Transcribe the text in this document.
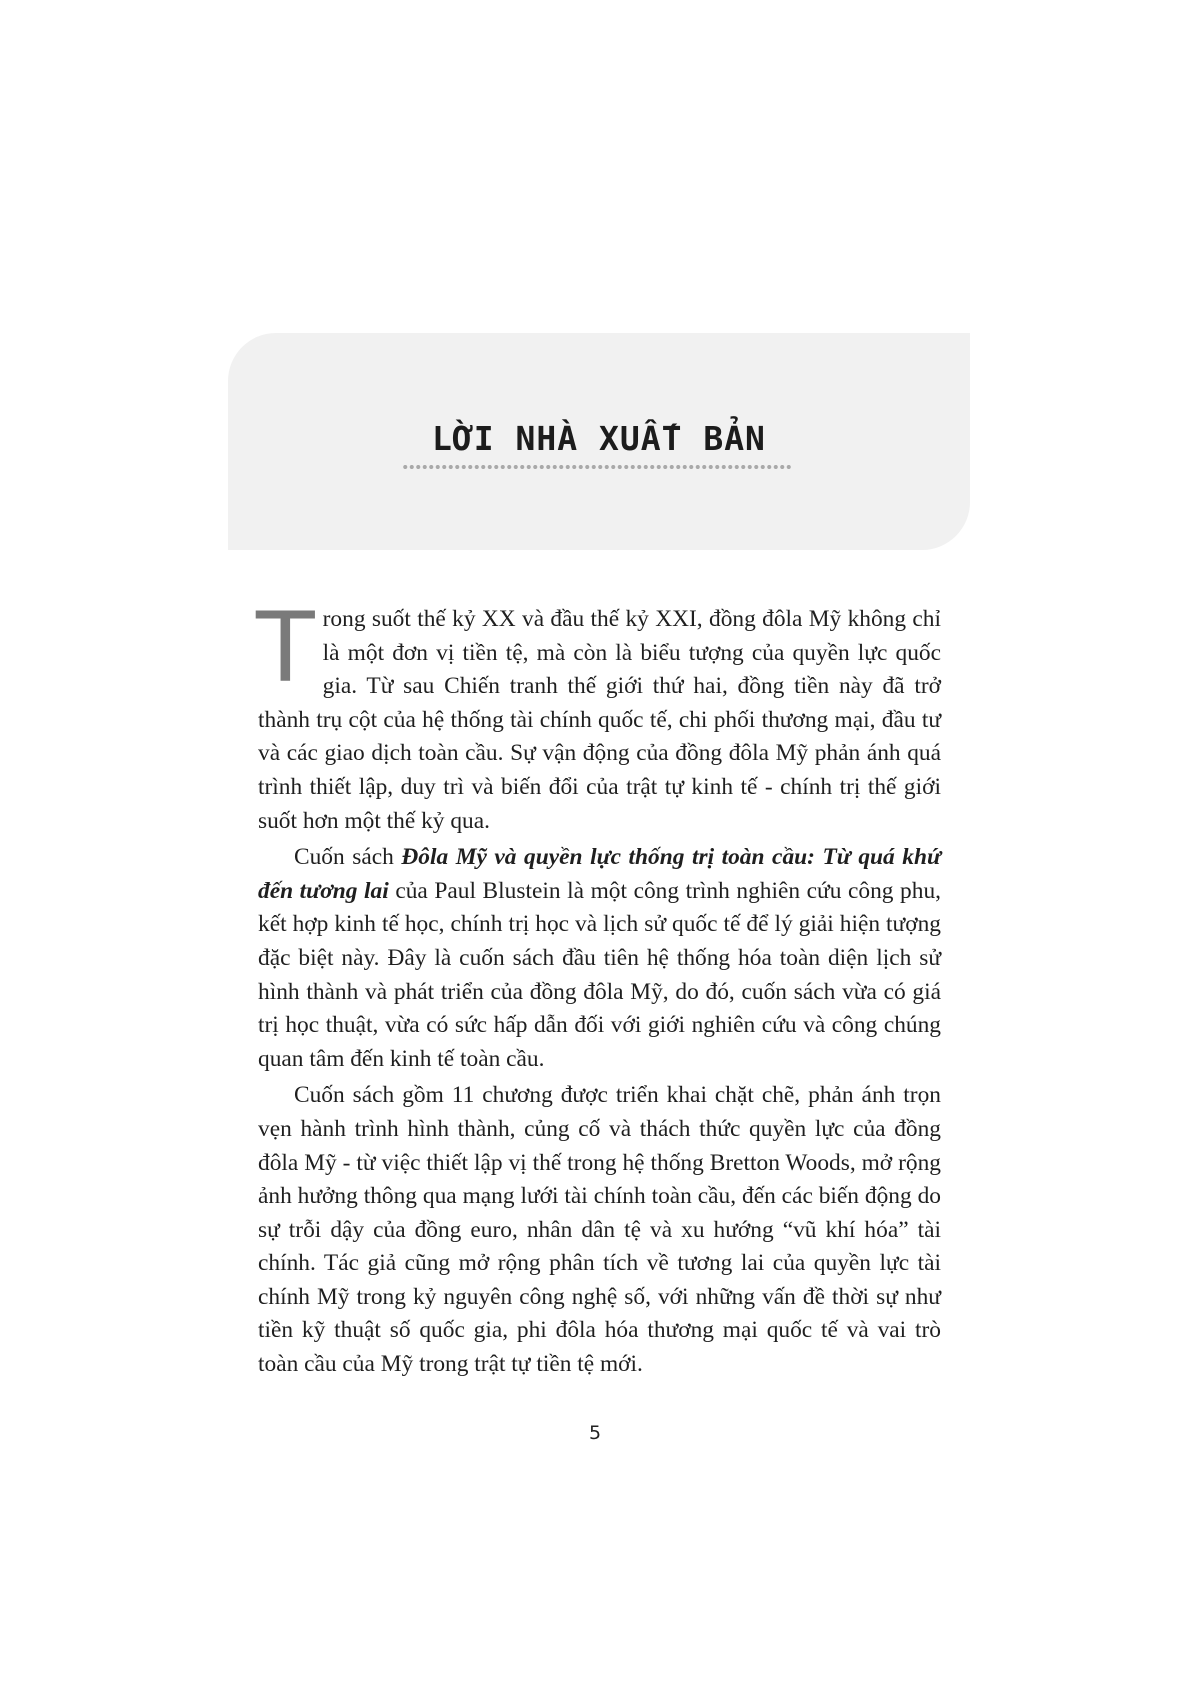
LỜI NHÀ XUẤT BẢN

Trong suốt thế kỷ XX và đầu thế kỷ XXI, đồng đôla Mỹ không chỉ là một đơn vị tiền tệ, mà còn là biểu tượng của quyền lực quốc gia. Từ sau Chiến tranh thế giới thứ hai, đồng tiền này đã trở thành trụ cột của hệ thống tài chính quốc tế, chi phối thương mại, đầu tư và các giao dịch toàn cầu. Sự vận động của đồng đôla Mỹ phản ánh quá trình thiết lập, duy trì và biến đổi của trật tự kinh tế - chính trị thế giới suốt hơn một thế kỷ qua.

Cuốn sách Đôla Mỹ và quyền lực thống trị toàn cầu: Từ quá khứ đến tương lai của Paul Blustein là một công trình nghiên cứu công phu, kết hợp kinh tế học, chính trị học và lịch sử quốc tế để lý giải hiện tượng đặc biệt này. Đây là cuốn sách đầu tiên hệ thống hóa toàn diện lịch sử hình thành và phát triển của đồng đôla Mỹ, do đó, cuốn sách vừa có giá trị học thuật, vừa có sức hấp dẫn đối với giới nghiên cứu và công chúng quan tâm đến kinh tế toàn cầu.

Cuốn sách gồm 11 chương được triển khai chặt chẽ, phản ánh trọn vẹn hành trình hình thành, củng cố và thách thức quyền lực của đồng đôla Mỹ - từ việc thiết lập vị thế trong hệ thống Bretton Woods, mở rộng ảnh hưởng thông qua mạng lưới tài chính toàn cầu, đến các biến động do sự trỗi dậy của đồng euro, nhân dân tệ và xu hướng “vũ khí hóa” tài chính. Tác giả cũng mở rộng phân tích về tương lai của quyền lực tài chính Mỹ trong kỷ nguyên công nghệ số, với những vấn đề thời sự như tiền kỹ thuật số quốc gia, phi đôla hóa thương mại quốc tế và vai trò toàn cầu của Mỹ trong trật tự tiền tệ mới.

5
